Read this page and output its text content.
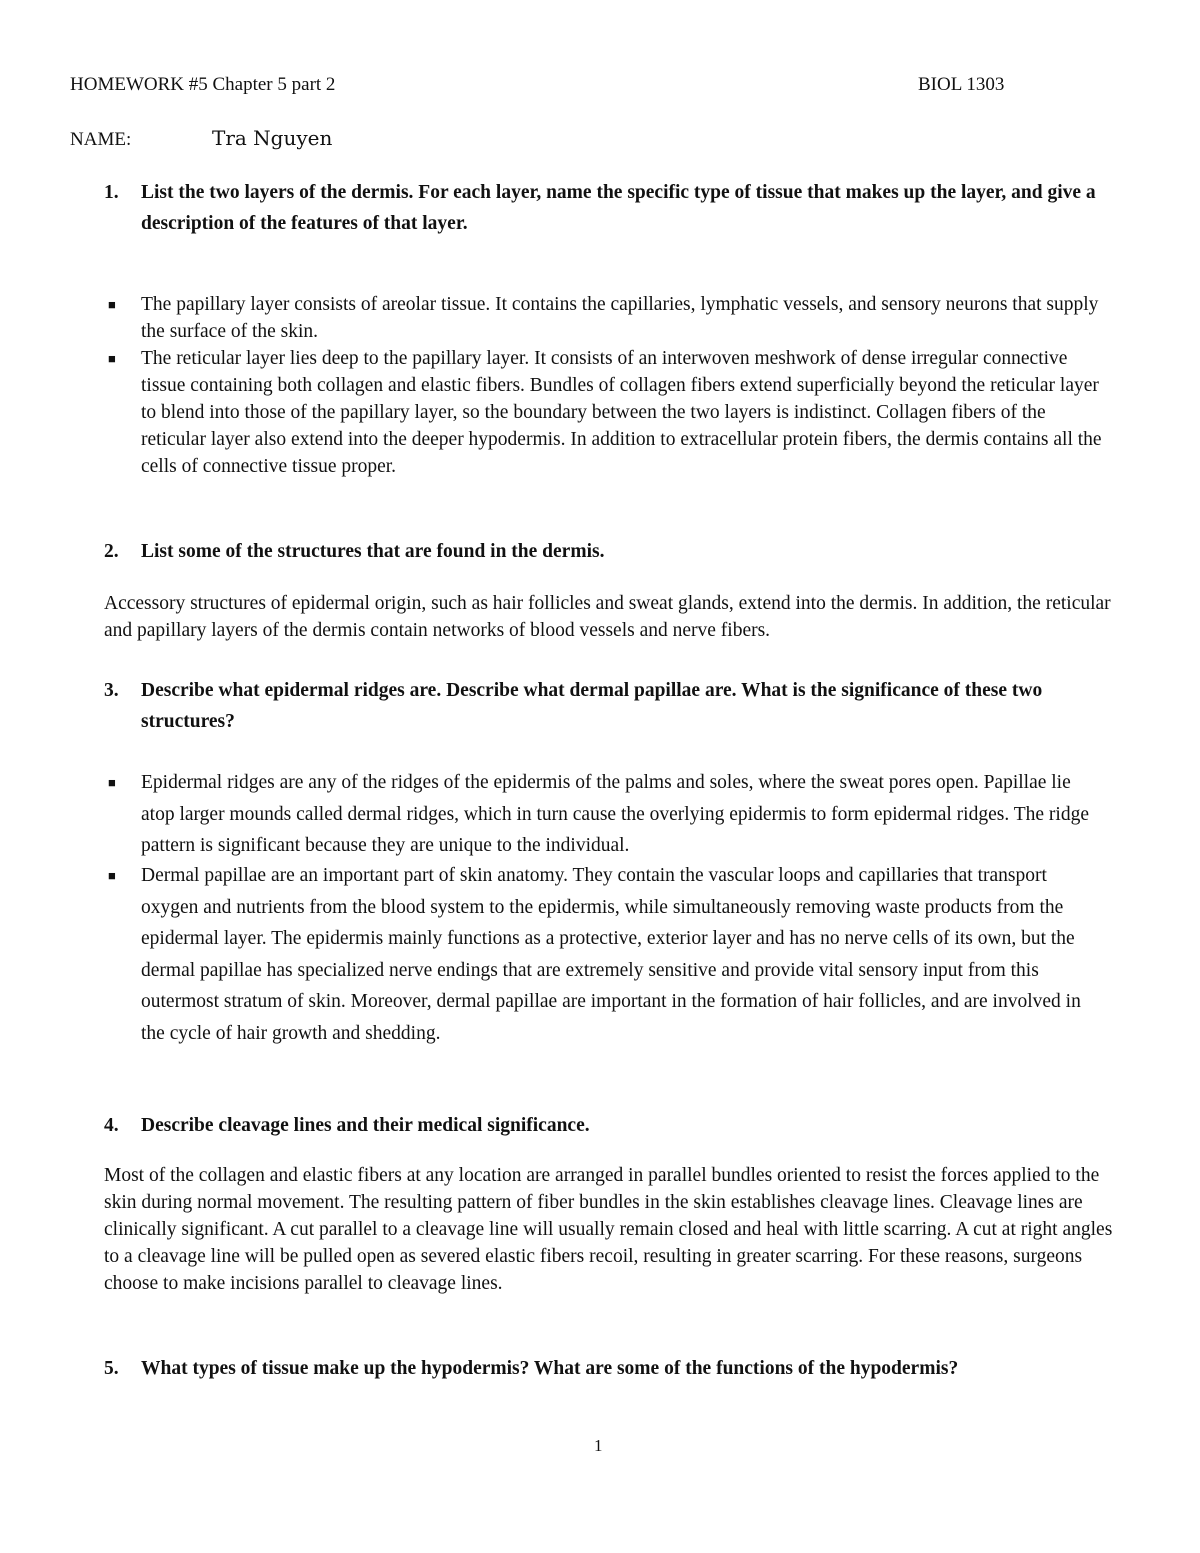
HOMEWORK #5 Chapter 5 part 2	BIOL 1303
NAME:	Tra Nguyen
1.	List the two layers of the dermis. For each layer, name the specific type of tissue that makes up the layer, and give a description of the features of that layer.
■	The papillary layer consists of areolar tissue. It contains the capillaries, lymphatic vessels, and sensory neurons that supply the surface of the skin.
■	The reticular layer lies deep to the papillary layer. It consists of an interwoven meshwork of dense irregular connective tissue containing both collagen and elastic fibers. Bundles of collagen fibers extend superficially beyond the reticular layer to blend into those of the papillary layer, so the boundary between the two layers is indistinct. Collagen fibers of the reticular layer also extend into the deeper hypodermis. In addition to extracellular protein fibers, the dermis contains all the cells of connective tissue proper.
2.	List some of the structures that are found in the dermis.
Accessory structures of epidermal origin, such as hair follicles and sweat glands, extend into the dermis. In addition, the reticular and papillary layers of the dermis contain networks of blood vessels and nerve fibers.
3.	Describe what epidermal ridges are. Describe what dermal papillae are. What is the significance of these two structures?
■	Epidermal ridges are any of the ridges of the epidermis of the palms and soles, where the sweat pores open. Papillae lie atop larger mounds called dermal ridges, which in turn cause the overlying epidermis to form epidermal ridges. The ridge pattern is significant because they are unique to the individual.
■	Dermal papillae are an important part of skin anatomy. They contain the vascular loops and capillaries that transport oxygen and nutrients from the blood system to the epidermis, while simultaneously removing waste products from the epidermal layer. The epidermis mainly functions as a protective, exterior layer and has no nerve cells of its own, but the dermal papillae has specialized nerve endings that are extremely sensitive and provide vital sensory input from this outermost stratum of skin. Moreover, dermal papillae are important in the formation of hair follicles, and are involved in the cycle of hair growth and shedding.
4.	Describe cleavage lines and their medical significance.
Most of the collagen and elastic fibers at any location are arranged in parallel bundles oriented to resist the forces applied to the skin during normal movement. The resulting pattern of fiber bundles in the skin establishes cleavage lines. Cleavage lines are clinically significant. A cut parallel to a cleavage line will usually remain closed and heal with little scarring. A cut at right angles to a cleavage line will be pulled open as severed elastic fibers recoil, resulting in greater scarring. For these reasons, surgeons choose to make incisions parallel to cleavage lines.
5.	What types of tissue make up the hypodermis? What are some of the functions of the hypodermis?
1
